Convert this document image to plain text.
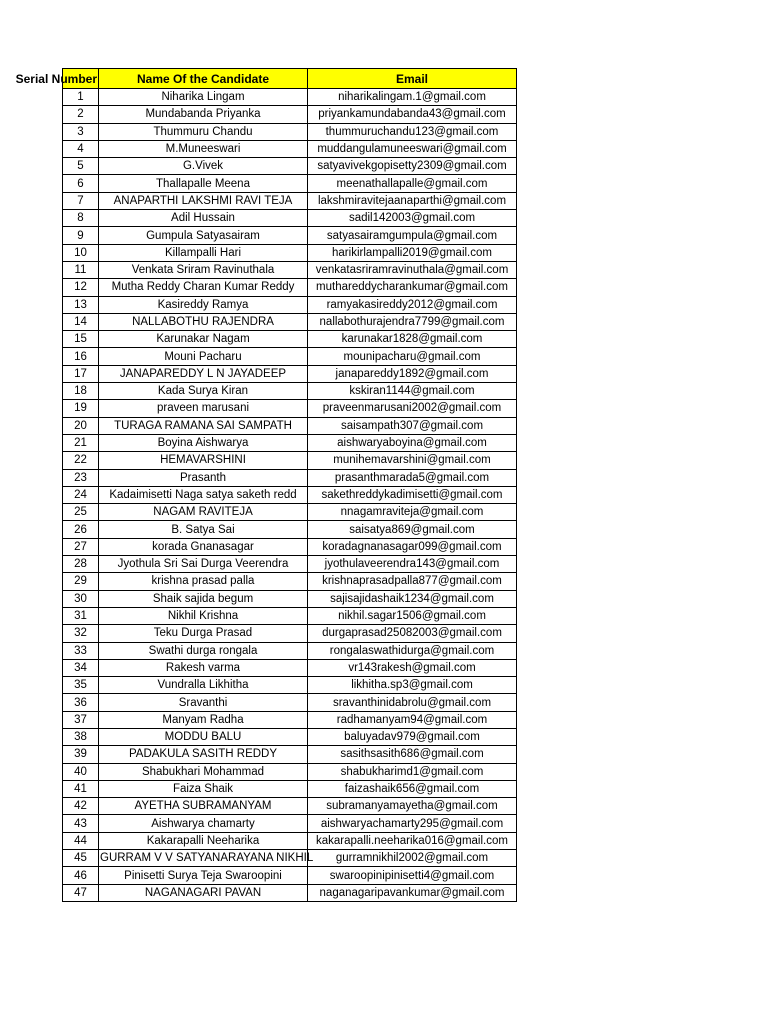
Serial Number	Name Of the Candidate	Email
1	Niharika Lingam	niharikalingam.1@gmail.com
2	Mundabanda Priyanka	priyankamundabanda43@gmail.com
3	Thummuru Chandu	thummuruchandu123@gmail.com
4	M.Muneeswari	muddangulamuneeswari@gmail.com
5	G.Vivek	satyavivekgopisetty2309@gmail.com
6	Thallapalle Meena	meenathallapalle@gmail.com
7	ANAPARTHI LAKSHMI RAVI TEJA	lakshmiravitejaanaparthi@gmail.com
8	Adil Hussain	sadil142003@gmail.com
9	Gumpula Satyasairam	satyasairamgumpula@gmail.com
10	Killampalli Hari	harikirlampalli2019@gmail.com
11	Venkata Sriram Ravinuthala	venkatasriramravinuthala@gmail.com
12	Mutha Reddy Charan Kumar Reddy	muthareddycharankumar@gmail.com
13	Kasireddy Ramya	ramyakasireddy2012@gmail.com
14	NALLABOTHU RAJENDRA	nallabothurajendra7799@gmail.com
15	Karunakar Nagam	karunakar1828@gmail.com
16	Mouni Pacharu	mounipacharu@gmail.com
17	JANAPAREDDY L N JAYADEEP	janapareddy1892@gmail.com
18	Kada Surya Kiran	kskiran1144@gmail.com
19	praveen marusani	praveenmarusani2002@gmail.com
20	TURAGA RAMANA SAI SAMPATH	saisampath307@gmail.com
21	Boyina Aishwarya	aishwaryaboyina@gmail.com
22	HEMAVARSHINI	munihemavarshini@gmail.com
23	Prasanth	prasanthmarada5@gmail.com
24	Kadaimisetti Naga satya saketh redd	sakethreddykadimisetti@gmail.com
25	NAGAM RAVITEJA	nnagamraviteja@gmail.com
26	B. Satya Sai	saisatya869@gmail.com
27	korada Gnanasagar	koradagnanasagar099@gmail.com
28	Jyothula Sri Sai Durga Veerendra	jyothulaveerendra143@gmail.com
29	krishna prasad palla	krishnaprasadpalla877@gmail.com
30	Shaik sajida begum	sajisajidashaik1234@gmail.com
31	Nikhil Krishna	nikhil.sagar1506@gmail.com
32	Teku Durga Prasad	durgaprasad25082003@gmail.com
33	Swathi durga rongala	rongalaswathidurga@gmail.com
34	Rakesh varma	vr143rakesh@gmail.com
35	Vundralla Likhitha	likhitha.sp3@gmail.com
36	Sravanthi	sravanthinidabrolu@gmail.com
37	Manyam Radha	radhamanyam94@gmail.com
38	MODDU BALU	baluyadav979@gmail.com
39	PADAKULA SASITH REDDY	sasithsasith686@gmail.com
40	Shabukhari Mohammad	shabukharimd1@gmail.com
41	Faiza Shaik	faizashaik656@gmail.com
42	AYETHA SUBRAMANYAM	subramanyamayetha@gmail.com
43	Aishwarya chamarty	aishwaryachamarty295@gmail.com
44	Kakarapalli Neeharika	kakarapalli.neeharika016@gmail.com
45	GURRAM V V SATYANARAYANA NIKHIL	gurramnikhil2002@gmail.com
46	Pinisetti Surya Teja Swaroopini	swaroopinipinisetti4@gmail.com
47	NAGANAGARI PAVAN	naganagaripavankumar@gmail.com
